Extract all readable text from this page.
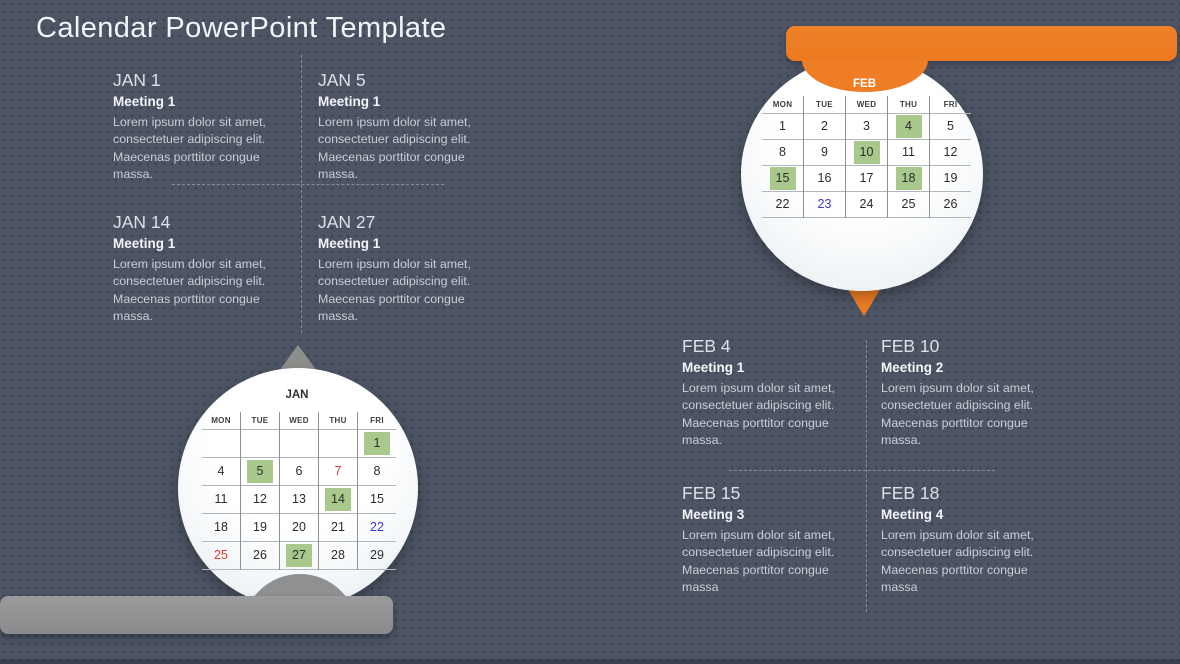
Calendar PowerPoint Template
JAN 1
Meeting 1
Lorem ipsum dolor sit amet, consectetuer adipiscing elit. Maecenas porttitor congue massa.
JAN 5
Meeting 1
Lorem ipsum dolor sit amet, consectetuer adipiscing elit. Maecenas porttitor congue massa.
JAN 14
Meeting 1
Lorem ipsum dolor sit amet, consectetuer adipiscing elit. Maecenas porttitor congue massa.
JAN 27
Meeting 1
Lorem ipsum dolor sit amet, consectetuer adipiscing elit. Maecenas porttitor congue massa.
JAN
MON	TUE	WED	THU	FRI
				1
4	5	6	7	8
11	12	13	14	15
18	19	20	21	22
25	26	27	28	29
FEB
MON	TUE	WED	THU	FRI
1	2	3	4	5
8	9	10	11	12
15	16	17	18	19
22	23	24	25	26
FEB 4
Meeting 1
Lorem ipsum dolor sit amet, consectetuer adipiscing elit. Maecenas porttitor congue massa.
FEB 10
Meeting 2
Lorem ipsum dolor sit amet, consectetuer adipiscing elit. Maecenas porttitor congue massa.
FEB 15
Meeting 3
Lorem ipsum dolor sit amet, consectetuer adipiscing elit. Maecenas porttitor congue massa
FEB 18
Meeting 4
Lorem ipsum dolor sit amet, consectetuer adipiscing elit. Maecenas porttitor congue massa
